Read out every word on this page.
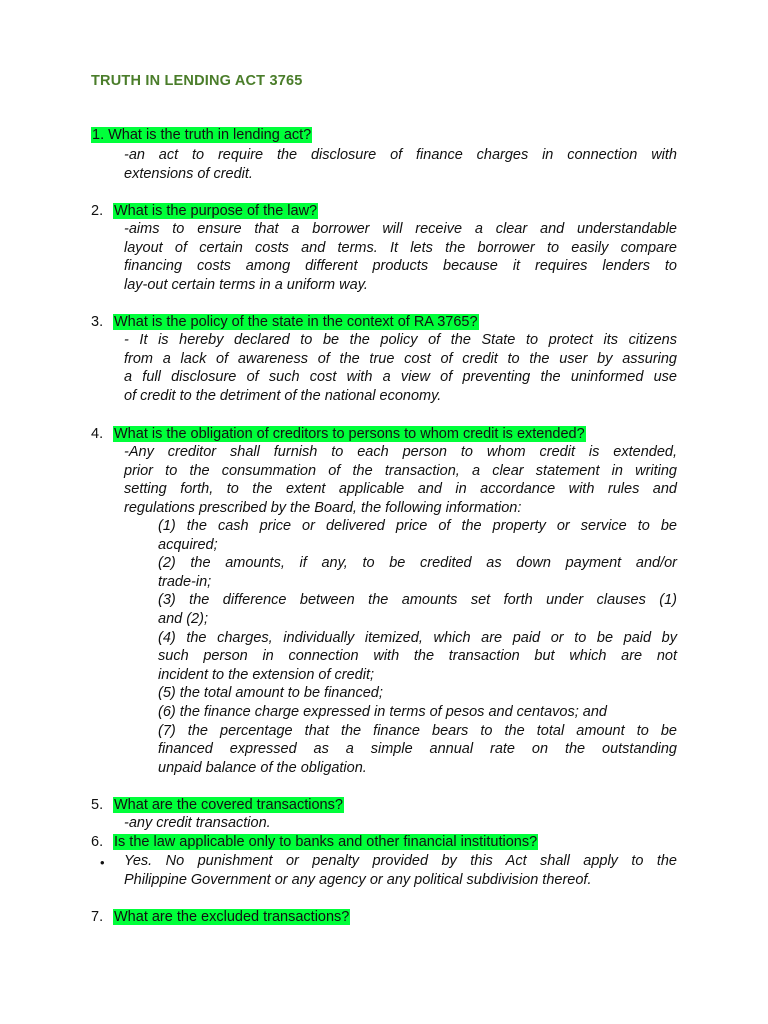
TRUTH IN LENDING ACT 3765
1. What is the truth in lending act?
-an act to require the disclosure of finance charges in connection with
extensions of credit.
2. What is the purpose of the law?
-aims to ensure that a borrower will receive a clear and understandable
layout of certain costs and terms. It lets the borrower to easily compare
financing costs among different products because it requires lenders to
lay-out certain terms in a uniform way.
3. What is the policy of the state in the context of RA 3765?
- It is hereby declared to be the policy of the State to protect its citizens
from a lack of awareness of the true cost of credit to the user by assuring
a full disclosure of such cost with a view of preventing the uninformed use
of credit to the detriment of the national economy.
4. What is the obligation of creditors to persons to whom credit is extended?
-Any creditor shall furnish to each person to whom credit is extended,
prior to the consummation of the transaction, a clear statement in writing
setting forth, to the extent applicable and in accordance with rules and
regulations prescribed by the Board, the following information:
(1) the cash price or delivered price of the property or service to be
acquired;
(2) the amounts, if any, to be credited as down payment and/or
trade-in;
(3) the difference between the amounts set forth under clauses (1)
and (2);
(4) the charges, individually itemized, which are paid or to be paid by
such person in connection with the transaction but which are not
incident to the extension of credit;
(5) the total amount to be financed;
(6) the finance charge expressed in terms of pesos and centavos; and
(7) the percentage that the finance bears to the total amount to be
financed expressed as a simple annual rate on the outstanding
unpaid balance of the obligation.
5. What are the covered transactions?
-any credit transaction.
6. Is the law applicable only to banks and other financial institutions?
• Yes. No punishment or penalty provided by this Act shall apply to the
Philippine Government or any agency or any political subdivision thereof.
7. What are the excluded transactions?
